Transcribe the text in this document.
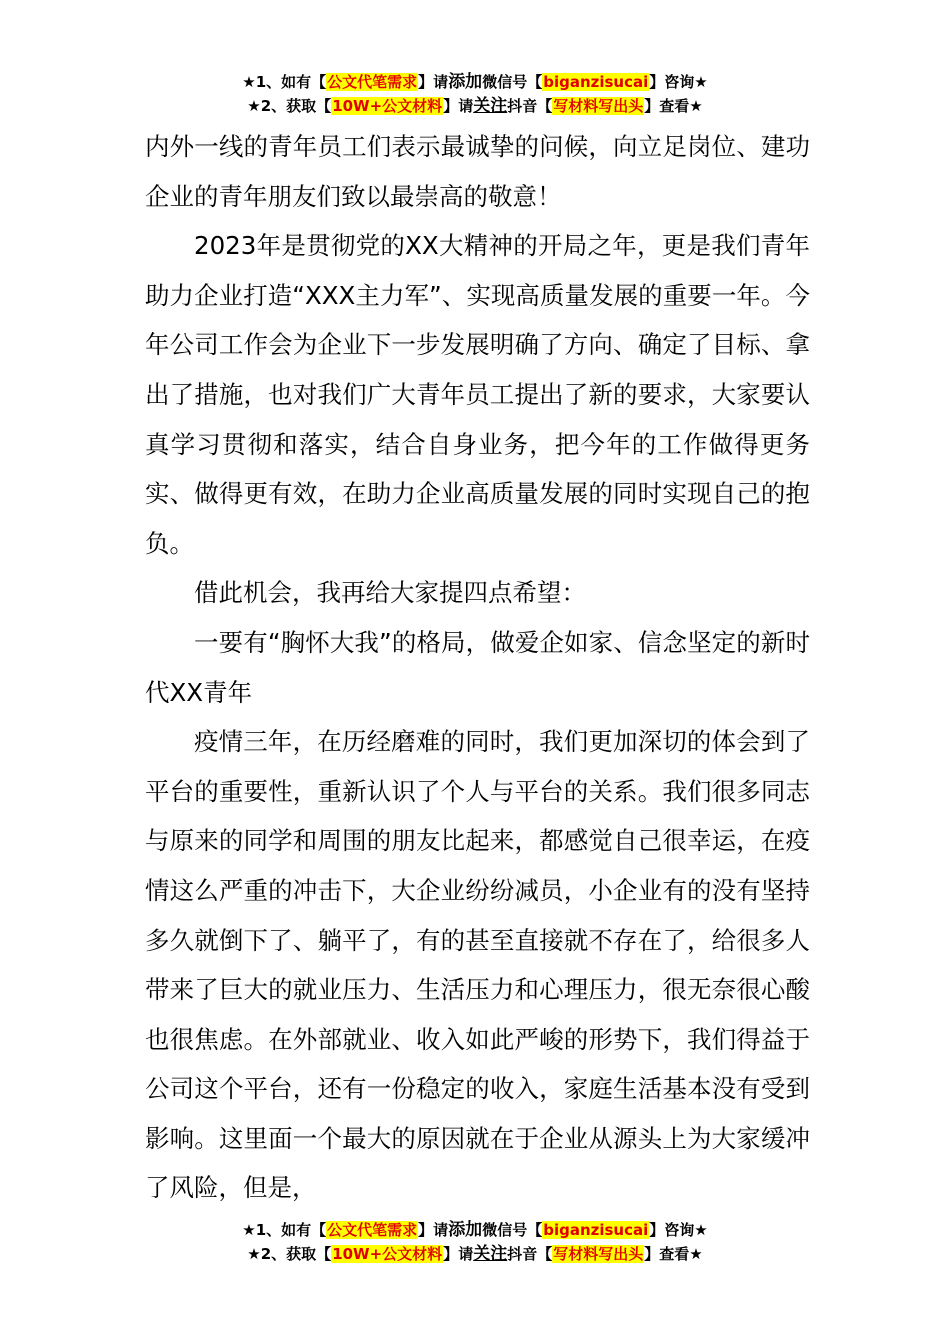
★1、如有【公文代笔需求】请添加微信号【biganzisucai】咨询★
★2、获取【10W+公文材料】请关注抖音【写材料写出头】查看★

内外一线的青年员工们表示最诚挚的问候，向立足岗位、建功企业的青年朋友们致以最崇高的敬意！

2023年是贯彻党的XX大精神的开局之年，更是我们青年助力企业打造“XXX主力军”、实现高质量发展的重要一年。今年公司工作会为企业下一步发展明确了方向、确定了目标、拿出了措施，也对我们广大青年员工提出了新的要求，大家要认真学习贯彻和落实，结合自身业务，把今年的工作做得更务实、做得更有效，在助力企业高质量发展的同时实现自己的抱负。

借此机会，我再给大家提四点希望：

一要有“胸怀大我”的格局，做爱企如家、信念坚定的新时代XX青年

疫情三年，在历经磨难的同时，我们更加深切的体会到了平台的重要性，重新认识了个人与平台的关系。我们很多同志与原来的同学和周围的朋友比起来，都感觉自己很幸运，在疫情这么严重的冲击下，大企业纷纷减员，小企业有的没有坚持多久就倒下了、躺平了，有的甚至直接就不存在了，给很多人带来了巨大的就业压力、生活压力和心理压力，很无奈很心酸也很焦虑。在外部就业、收入如此严峻的形势下，我们得益于公司这个平台，还有一份稳定的收入，家庭生活基本没有受到影响。这里面一个最大的原因就在于企业从源头上为大家缓冲了风险，但是，

★1、如有【公文代笔需求】请添加微信号【biganzisucai】咨询★
★2、获取【10W+公文材料】请关注抖音【写材料写出头】查看★
